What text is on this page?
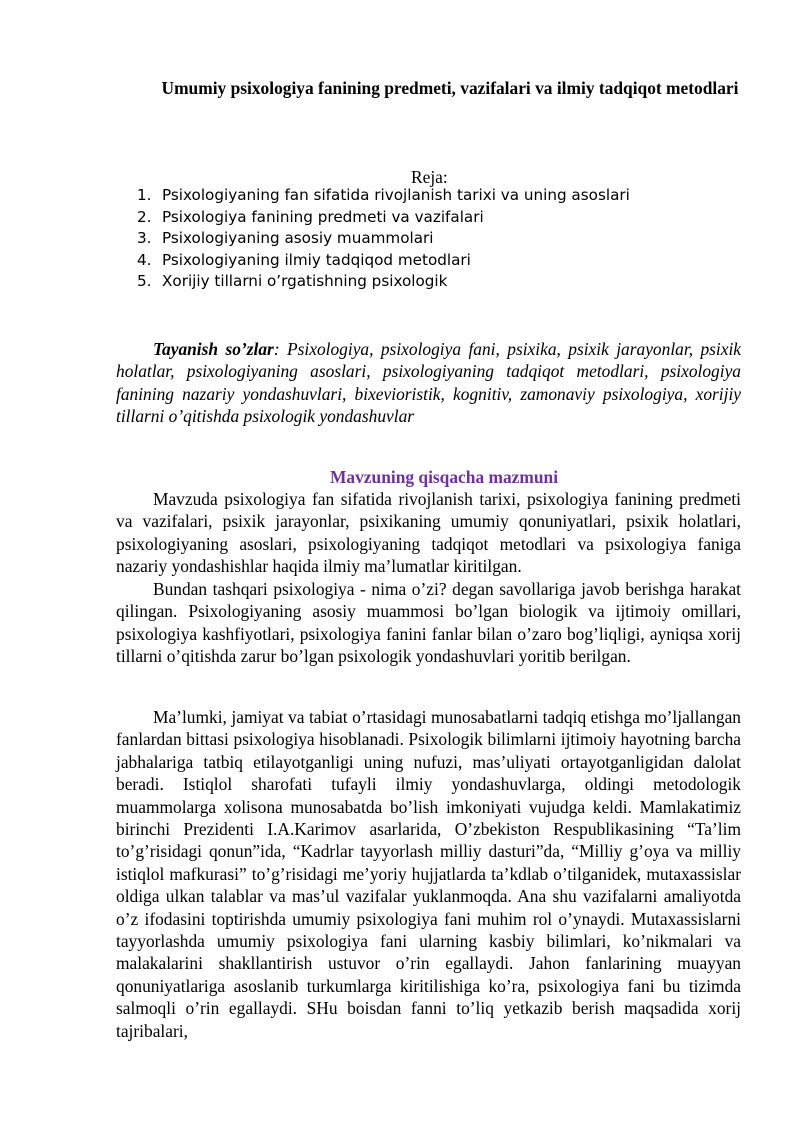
Umumiy psixologiya fanining predmeti, vazifalari va ilmiy tadqiqot metodlari
Reja:
1. Psixologiyaning fan sifatida rivojlanish tarixi va uning asoslari
2. Psixologiya fanining predmeti va vazifalari
3. Psixologiyaning asosiy muammolari
4. Psixologiyaning ilmiy tadqiqod metodlari
5. Xorijiy tillarni o’rgatishning psixologik

Tayanish so’zlar: Psixologiya, psixologiya fani, psixika, psixik jarayonlar, psixik holatlar, psixologiyaning asoslari, psixologiyaning tadqiqot metodlari, psixologiya fanining nazariy yondashuvlari, bixevioristik, kognitiv, zamonaviy psixologiya, xorijiy tillarni o’qitishda psixologik yondashuvlar

Mavzuning qisqacha mazmuni

Mavzuda psixologiya fan sifatida rivojlanish tarixi, psixologiya fanining predmeti va vazifalari, psixik jarayonlar, psixikaning umumiy qonuniyatlari, psixik holatlari, psixologiyaning asoslari, psixologiyaning tadqiqot metodlari va psixologiya faniga nazariy yondashishlar haqida ilmiy ma’lumatlar kiritilgan.

Bundan tashqari psixologiya - nima o’zi? degan savollariga javob berishga harakat qilingan. Psixologiyaning asosiy muammosi bo’lgan biologik va ijtimoiy omillari, psixologiya kashfiyotlari, psixologiya fanini fanlar bilan o’zaro bog’liqligi, ayniqsa xorij tillarni o’qitishda zarur bo’lgan psixologik yondashuvlari yoritib berilgan.

Ma’lumki, jamiyat va tabiat o’rtasidagi munosabatlarni tadqiq etishga mo’ljallangan fanlardan bittasi psixologiya hisoblanadi. Psixologik bilimlarni ijtimoiy hayotning barcha jabhalariga tatbiq etilayotganligi uning nufuzi, mas’uliyati ortayotganligidan dalolat beradi. Istiqlol sharofati tufayli ilmiy yondashuvlarga, oldingi metodologik muammolarga xolisona munosabatda bo’lish imkoniyati vujudga keldi. Mamlakatimiz birinchi Prezidenti I.A.Karimov asarlarida, O’zbekiston Respublikasining “Ta’lim to’g’risidagi qonun”ida, “Kadrlar tayyorlash milliy dasturi”da, “Milliy g’oya va milliy istiqlol mafkurasi” to’g’risidagi me’yoriy hujjatlarda ta’kdlab o’tilganidek, mutaxassislar oldiga ulkan talablar va mas’ul vazifalar yuklanmoqda. Ana shu vazifalarni amaliyotda o’z ifodasini toptirishda umumiy psixologiya fani muhim rol o’ynaydi. Mutaxassislarni tayyorlashda umumiy psixologiya fani ularning kasbiy bilimlari, ko’nikmalari va malakalarini shakllantirish ustuvor o’rin egallaydi. Jahon fanlarining muayyan qonuniyatlariga asoslanib turkumlarga kiritilishiga ko’ra, psixologiya fani bu tizimda salmoqli o’rin egallaydi. SHu boisdan fanni to’liq yetkazib berish maqsadida xorij tajribalari,
